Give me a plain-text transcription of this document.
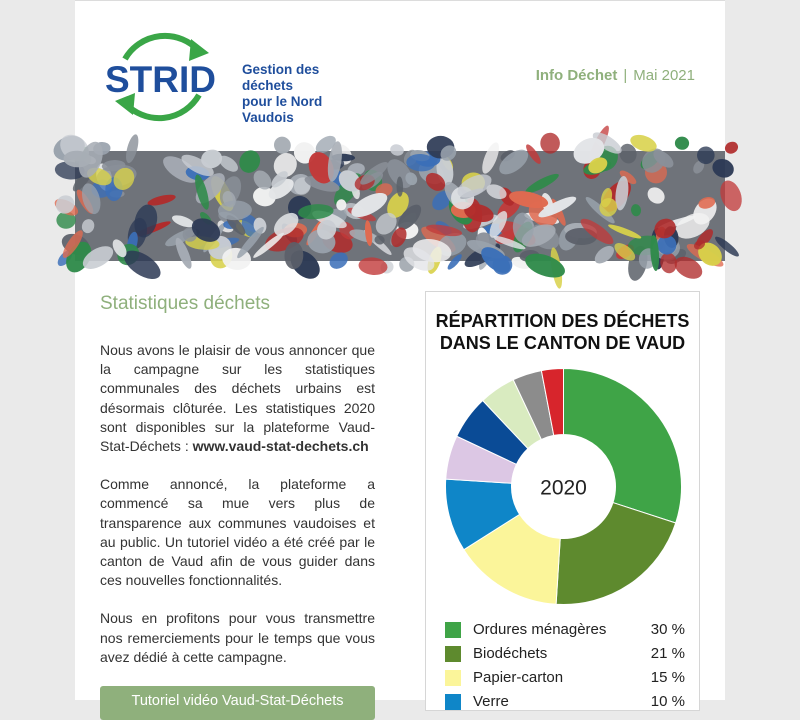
STRID Gestion des déchets
pour le Nord Vaudois
Info Déchet | Mai 2021
Statistiques déchets

Nous avons le plaisir de vous annoncer que la campagne sur les statistiques communales des déchets urbains est désormais clôturée. Les statistiques 2020 sont disponibles sur la plateforme Vaud-Stat-Déchets : www.vaud-stat-dechets.ch

Comme annoncé, la plateforme a commencé sa mue vers plus de transparence aux communes vaudoises et au public. Un tutoriel vidéo a été créé par le canton de Vaud afin de vous guider dans ces nouvelles fonctionnalités.

Nous en profitons pour vous transmettre nos remerciements pour le temps que vous avez dédié à cette campagne.

Tutoriel vidéo Vaud-Stat-Déchets
RÉPARTITION DES DÉCHETS
DANS LE CANTON DE VAUD
2020
Ordures ménagères	30 %
Biodéchets	21 %
Papier-carton	15 %
Verre	10 %
